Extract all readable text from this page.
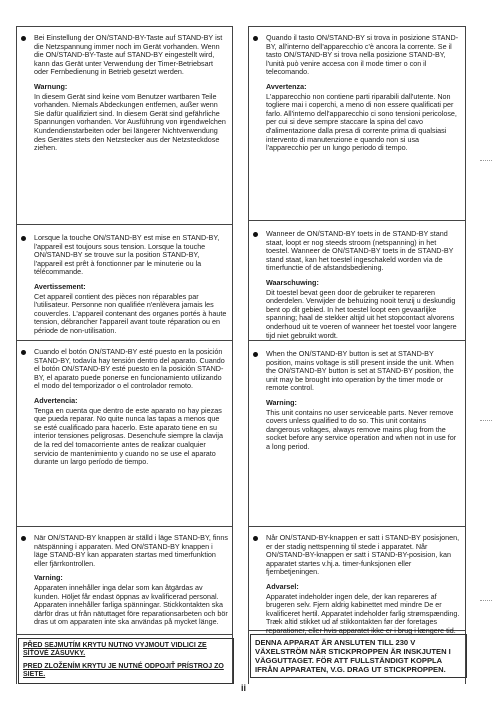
Bei Einstellung der ON/STAND-BY-Taste auf STAND-BY ist die Netzspannung immer noch im Gerät vorhanden. Wenn die ON/STAND-BY-Taste auf STAND-BY eingestellt wird, kann das Gerät unter Verwendung der Timer-Betriebsart oder Fernbedienung in Betrieb gesetzt werden.

Warnung:

In diesem Gerät sind keine vom Benutzer wartbaren Teile vorhanden. Niemals Abdeckungen entfernen, außer wenn Sie dafür qualifiziert sind. In diesem Gerät sind gefährliche Spannungen vorhanden. Vor Ausführung von irgendwelchen Kundendienstarbeiten oder bei längerer Nichtverwendung des Gerätes stets den Netzstecker aus der Netzsteckdose ziehen.

Lorsque la touche ON/STAND-BY est mise en STAND-BY, l'appareil est toujours sous tension. Lorsque la touche ON/STAND-BY se trouve sur la position STAND-BY, l'appareil est prêt à fonctionner par le minuterie ou la télécommande.

Avertissement:

Cet appareil contient des pièces non réparables par l'utilisateur. Personne non qualifiée n'enlèvera jamais les couvercles. L'appareil contenant des organes portés à haute tension, débrancher l'appareil avant toute réparation ou en période de non-utilisation.

Cuando el botón ON/STAND-BY esté puesto en la posición STAND-BY, todavía hay tensión dentro del aparato. Cuando el botón ON/STAND-BY esté puesto en la posición STAND-BY, el aparato puede ponerse en funcionamiento utilizando el modo del temporizador o el controlador remoto.

Advertencia:

Tenga en cuenta que dentro de este aparato no hay piezas que pueda reparar. No quite nunca las tapas a menos que se esté cualificado para hacerlo. Este aparato tiene en su interior tensiones peligrosas. Desenchufe siempre la clavija de la red del tomacorriente antes de realizar cualquier servicio de mantenimiento y cuando no se use el aparato durante un largo período de tiempo.

När ON/STAND-BY knappen är ställd i läge STAND-BY, finns nätspänning i apparaten. Med ON/STAND-BY knappen i läge STAND-BY kan apparaten startas med timerfunktion eller fjärrkontrollen.

Varning:

Apparaten innehåller inga delar som kan åtgärdas av kunden. Höljet får endast öppnas av kvalificerad personal. Apparaten innehåller farliga spänningar. Stickkontakten ska därför dras ut från nätuttaget före reparationsarbeten och bör dras ut om apparaten inte ska användas på mycket länge.

Quando il tasto ON/STAND-BY si trova in posizione STAND-BY, all'interno dell'apparecchio c'è ancora la corrente. Se il tasto ON/STAND-BY si trova nella posizione STAND-BY, l'unità può venire accesa con il mode timer o con il telecomando.

Avvertenza:

L'apparecchio non contiene parti riparabili dall'utente. Non togliere mai i coperchi, a meno di non essere qualificati per farlo. All'interno dell'apparecchio ci sono tensioni pericolose, per cui si deve sempre staccare la spina del cavo d'alimentazione dalla presa di corrente prima di qualsiasi intervento di manutenzione e quando non si usa l'apparecchio per un lungo periodo di tempo.

Wanneer de ON/STAND-BY toets in de STAND-BY stand staat, loopt er nog steeds stroom (netspanning) in het toestel. Wanneer de ON/STAND-BY toets in de STAND-BY stand staat, kan het toestel ingeschakeld worden via de timerfunctie of de afstandsbediening.

Waarschuwing:

Dit toestel bevat geen door de gebruiker te repareren onderdelen. Verwijder de behuizing nooit tenzij u deskundig bent op dit gebied. In het toestel loopt een gevaarlijke spanning; haal de stekker altijd uit het stopcontact alvorens onderhoud uit te voeren of wanneer het toestel voor langere tijd niet gebruikt wordt.

When the ON/STAND-BY button is set at STAND-BY position, mains voltage is still present inside the unit. When the ON/STAND-BY button is set at STAND-BY position, the unit may be brought into operation by the timer mode or remote control.

Warning:

This unit contains no user serviceable parts. Never remove covers unless qualified to do so. This unit contains dangerous voltages, always remove mains plug from the socket before any service operation and when not in use for a long period.

Når ON/STAND-BY-knappen er satt i STAND-BY posisjonen, er der stadig nettspenning til stede i apparatet. Når ON/STAND-BY-knappen er satt i STAND-BY-posision, kan apparatet startes v.hj.a. timer-funksjonen eller fjernbetjeningen.

Advarsel:

Apparatet indeholder ingen dele, der kan repareres af brugeren selv. Fjern aldrig kabinettet med mindre De er kvalificeret hertil. Apparatet indeholder farlig strømspænding. Træk altid stikket ud af stikkontakten før der foretages reparationer, eller hvis apparatet ikke er i brug i længere tid.

PŘED SEJMUTÍM KRYTU NUTNO VYJMOUT VIDLICI ZE SÍŤOVÉ ZÁSUVKY.
PRED ZLOŽENÍM KRYTU JE NUTNÉ ODPOJIŤ PRÍSTROJ ZO SIETE.
DENNA APPARAT ÄR ANSLUTEN TILL 230 V VÄXELSTRÖM NÄR STICKPROPPEN ÄR INSKJUTEN I VÄGGUTTAGET. FÖR ATT FULLSTÄNDIGT KOPPLA IFRÅN APPARATEN, V.G. DRAG UT STICKPROPPEN.
ii
